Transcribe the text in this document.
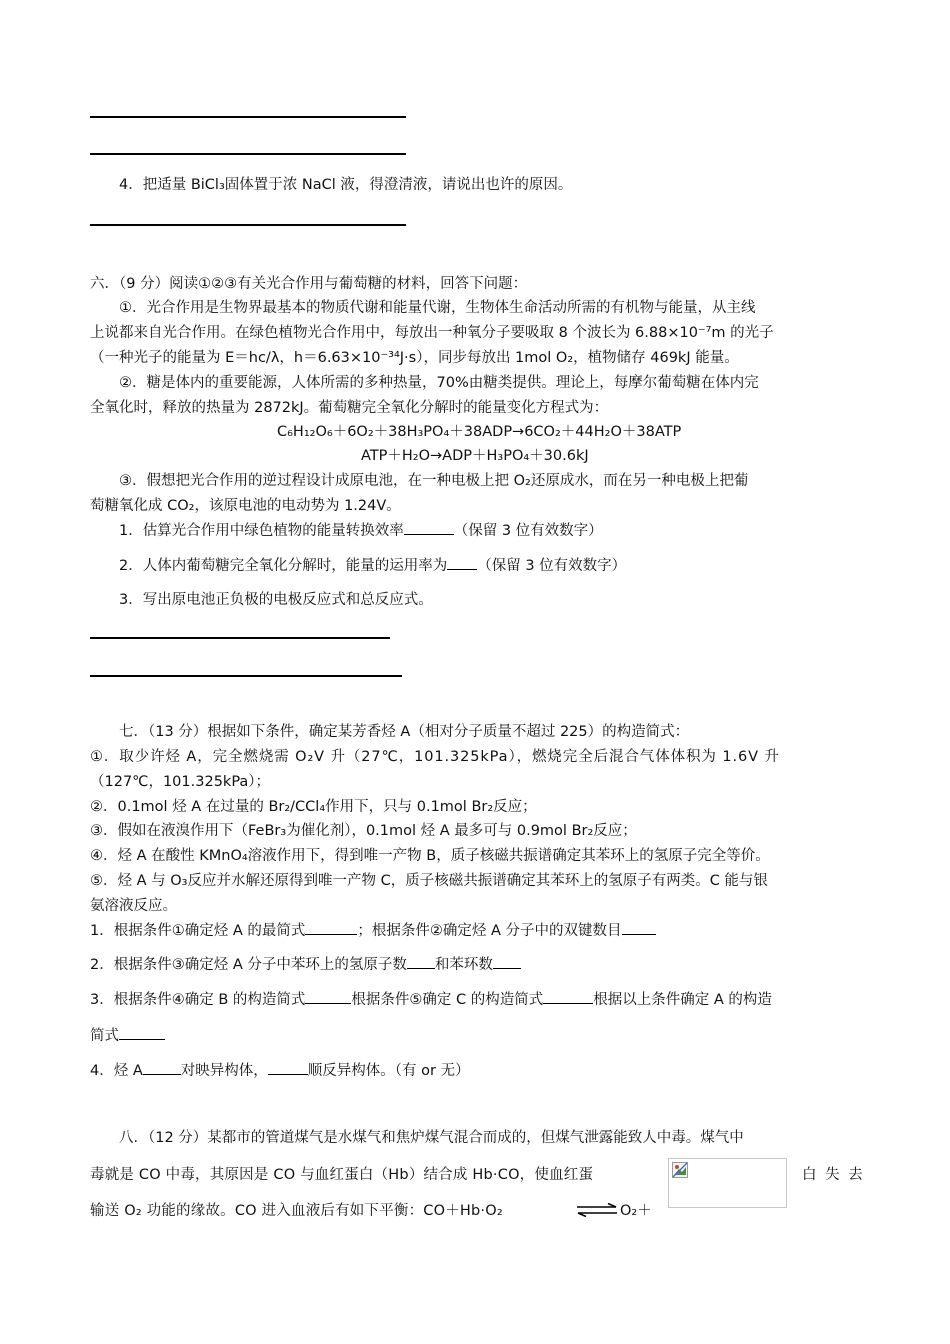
4．把适量 BiCl₃固体置于浓 NaCl 液，得澄清液，请说出也许的原因。
六．（9 分）阅读①②③有关光合作用与葡萄糖的材料，回答下问题：
①．光合作用是生物界最基本的物质代谢和能量代谢，生物体生命活动所需的有机物与能量，从主线
上说都来自光合作用。在绿色植物光合作用中，每放出一种氧分子要吸取 8 个波长为 6.88×10⁻⁷m 的光子
（一种光子的能量为 E＝hc/λ，h＝6.63×10⁻³⁴J·s），同步每放出 1mol O₂，植物储存 469kJ 能量。
②．糖是体内的重要能源，人体所需的多种热量，70%由糖类提供。理论上，每摩尔葡萄糖在体内完
全氧化时，释放的热量为 2872kJ。葡萄糖完全氧化分解时的能量变化方程式为：
C₆H₁₂O₆＋6O₂＋38H₃PO₄＋38ADP→6CO₂＋44H₂O＋38ATP
ATP＋H₂O→ADP＋H₃PO₄＋30.6kJ
③．假想把光合作用的逆过程设计成原电池，在一种电极上把 O₂还原成水，而在另一种电极上把葡
萄糖氧化成 CO₂，该原电池的电动势为 1.24V。
1．估算光合作用中绿色植物的能量转换效率	（保留 3 位有效数字）
2．人体内葡萄糖完全氧化分解时，能量的运用率为 （保留 3 位有效数字）
3．写出原电池正负极的电极反应式和总反应式。
七．（13 分）根据如下条件，确定某芳香烃 A（相对分子质量不超过 225）的构造简式：
①．取少许烃 A，完全燃烧需 O₂V 升（27℃，101.325kPa），燃烧完全后混合气体体积为 1.6V 升
（127℃，101.325kPa）；
②．0.1mol 烃 A 在过量的 Br₂/CCl₄作用下，只与 0.1mol Br₂反应；
③．假如在液溴作用下（FeBr₃为催化剂），0.1mol 烃 A 最多可与 0.9mol Br₂反应；
④．烃 A 在酸性 KMnO₄溶液作用下，得到唯一产物 B，质子核磁共振谱确定其苯环上的氢原子完全等价。
⑤．烃 A 与 O₃反应并水解还原得到唯一产物 C，质子核磁共振谱确定其苯环上的氢原子有两类。C 能与银
氨溶液反应。
1．根据条件①确定烃 A 的最简式	；根据条件②确定烃 A 分子中的双键数目
2．根据条件③确定烃 A 分子中苯环上的氢原子数 和苯环数
3．根据条件④确定 B 的构造简式	根据条件⑤确定 C 的构造简式	根据以上条件确定 A 的构造
简式
4．烃 A	对映异构体，	顺反异构体。（有 or 无）
八．（12 分）某都市的管道煤气是水煤气和焦炉煤气混合而成的，但煤气泄露能致人中毒。煤气中
毒就是 CO 中毒，其原因是 CO 与血红蛋白（Hb）结合成 Hb·CO，使血红蛋	白 失 去
输送 O₂ 功能的缘故。CO 进入血液后有如下平衡：CO＋Hb·O₂	⇌ O₂＋
